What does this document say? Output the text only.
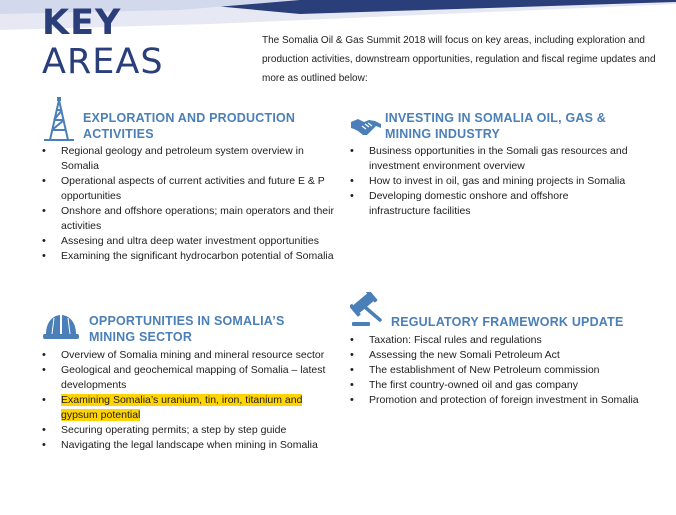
KEY
AREAS

The Somalia Oil & Gas Summit 2018 will focus on key areas, including exploration and production activities, downstream opportunities, regulation and fiscal regime updates and more as outlined below:

EXPLORATION AND PRODUCTION
ACTIVITIES
• Regional geology and petroleum system overview in Somalia
• Operational aspects of current activities and future E & P opportunities
• Onshore and offshore operations; main operators and their activities
• Assesing and ultra deep water investment opportunities
• Examining the significant hydrocarbon potential of Somalia
INVESTING IN SOMALIA OIL, GAS &
MINING INDUSTRY
• Business opportunities in the Somali gas resources and investment environment overview
• How to invest in oil, gas and mining projects in Somalia
• Developing domestic onshore and offshore infrastructure facilities
OPPORTUNITIES IN SOMALIA’S
MINING SECTOR
• Overview of Somalia mining and mineral resource sector
• Geological and geochemical mapping of Somalia – latest developments
• Examining Somalia’s uranium, tin, iron, titanium and gypsum potential
• Securing operating permits; a step by step guide
• Navigating the legal landscape when mining in Somalia
REGULATORY FRAMEWORK UPDATE
• Taxation: Fiscal rules and regulations
• Assessing the new Somali Petroleum Act
• The establishment of New Petroleum commission
• The first country-owned oil and gas company
• Promotion and protection of foreign investment in Somalia
